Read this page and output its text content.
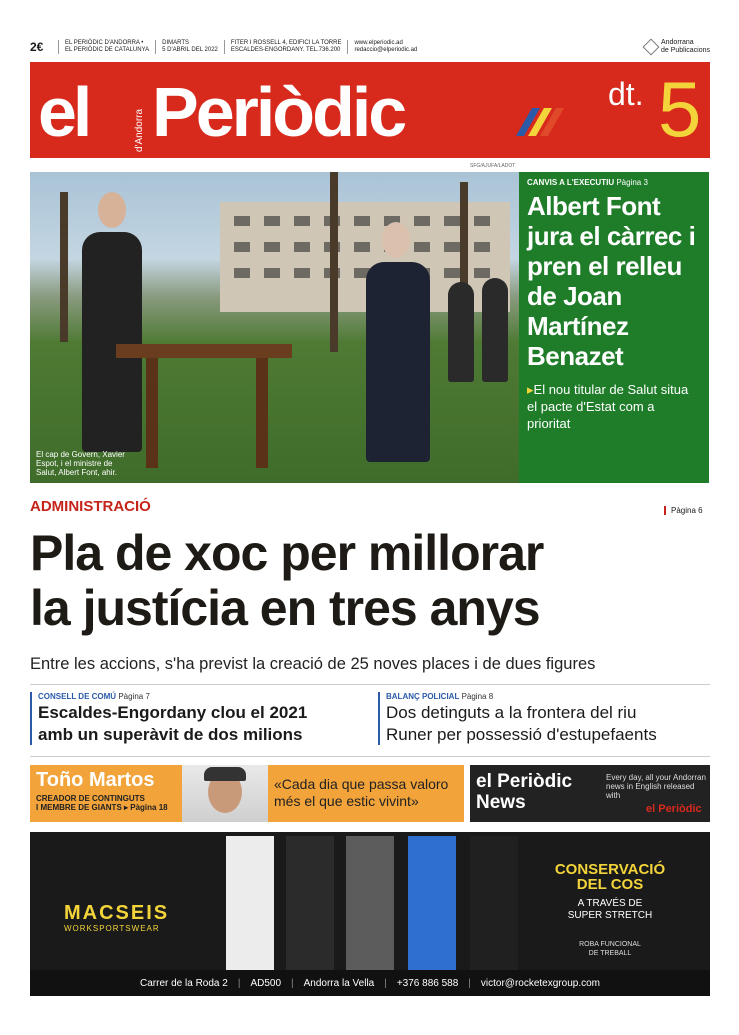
2€	EL PERIÒDIC D'ANDORRA •
EL PERIÒDIC DE CATALUNYA
DIMARTS
5 D'ABRIL DEL 2022
FITER I ROSSELL 4, EDIFICI LA TORRE
ESCALDES-ENGORDANY. TEL.736.200
www.elperiodic.ad
redaccio@elperiodic.ad
Andorrana
de Publicacions
el	d'Andorra Periòdic	dt. 5
SFG/AJUFA/LADOT
El cap de Govern, Xavier Espot, i el ministre de Salut, Albert Font, ahir.
CANVIS A L'EXECUTIU Pàgina 3
Albert Font jura el càrrec i pren el relleu de Joan Martínez Benazet
▸El nou titular de Salut situa el pacte d'Estat com a prioritat
ADMINISTRACIÓ	Pàgina 6
Pla de xoc per millorar
la justícia en tres anys
Entre les accions, s'ha previst la creació de 25 noves places i de dues figures
CONSELL DE COMÚ Pàgina 7
Escaldes-Engordany clou el 2021
amb un superàvit de dos milions
BALANÇ POLICIAL Pàgina 8
Dos detinguts a la frontera del riu
Runer per possessió d'estupefaents
Toño Martos
CREADOR DE CONTINGUTS
I MEMBRE DE GIANTS ▸ Pàgina 18
«Cada dia que passa valoro més el que estic vivint»
el Periòdic
News
Every day, all your Andorran news in English released with
el Periòdic
MACSEIS
WORKSPORTSWEAR
CONSERVACIÓ
DEL COS
A TRAVÉS DE
SUPER STRETCH
ROBA FUNCIONAL
DE TREBALL
Carrer de la Roda 2 | AD500 | Andorra la Vella | +376 886 588 | victor@rocketexgroup.com
